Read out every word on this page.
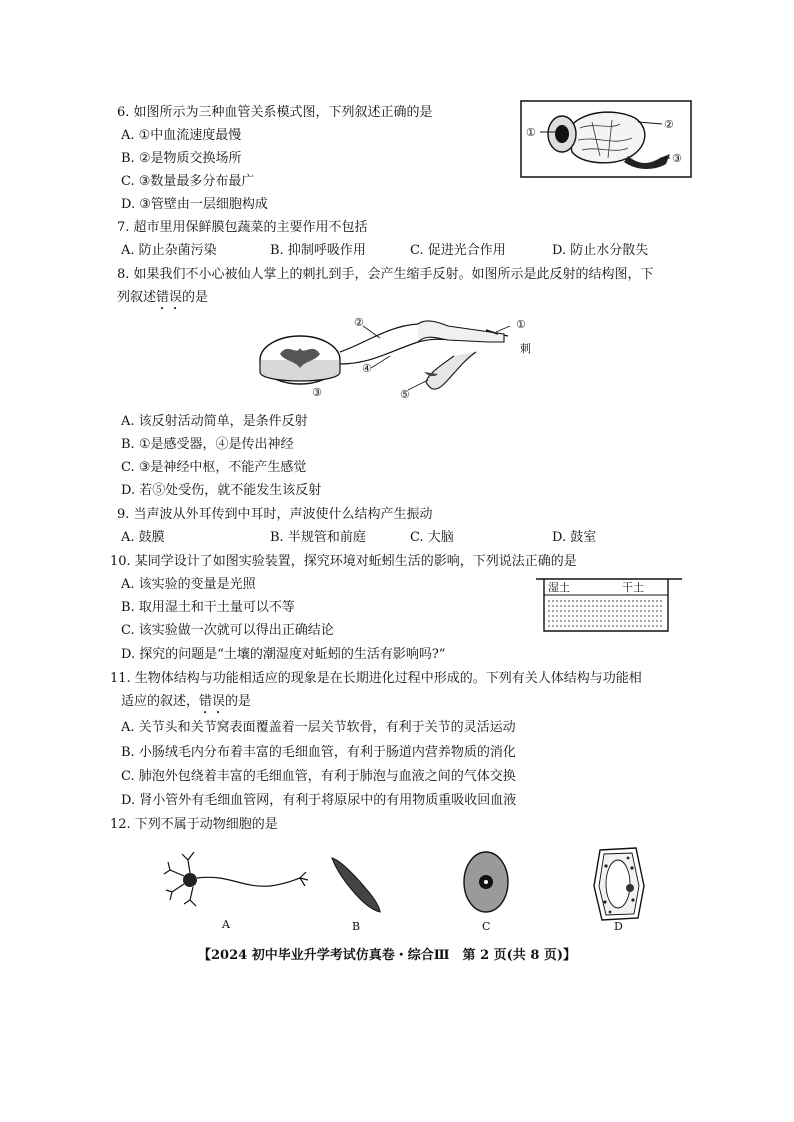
6. 如图所示为三种血管关系模式图，下列叙述正确的是
A. ①中血流速度最慢
B. ②是物质交换场所
C. ③数量最多分布最广
D. ③管壁由一层细胞构成
①
②
③
7. 超市里用保鲜膜包蔬菜的主要作用不包括
A. 防止杂菌污染	B. 抑制呼吸作用	C. 促进光合作用	D. 防止水分散失
8. 如果我们不小心被仙人掌上的刺扎到手，会产生缩手反射。如图所示是此反射的结构图，下
列叙述错误的是
②	①
刺
④
③	⑤
A. 该反射活动简单，是条件反射
B. ①是感受器，④是传出神经
C. ③是神经中枢，不能产生感觉
D. 若⑤处受伤，就不能发生该反射
9. 当声波从外耳传到中耳时，声波使什么结构产生振动
A. 鼓膜	B. 半规管和前庭	C. 大脑	D. 鼓室
10. 某同学设计了如图实验装置，探究环境对蚯蚓生活的影响，下列说法正确的是
A. 该实验的变量是光照	湿土	干土
B. 取用湿土和干土量可以不等
C. 该实验做一次就可以得出正确结论
D. 探究的问题是“土壤的潮湿度对蚯蚓的生活有影响吗?”
11. 生物体结构与功能相适应的现象是在长期进化过程中形成的。下列有关人体结构与功能相
适应的叙述，错误的是
A. 关节头和关节窝表面覆盖着一层关节软骨，有利于关节的灵活运动
B. 小肠绒毛内分布着丰富的毛细血管，有利于肠道内营养物质的消化
C. 肺泡外包绕着丰富的毛细血管，有利于肺泡与血液之间的气体交换
D. 肾小管外有毛细血管网，有利于将原尿中的有用物质重吸收回血液
12. 下列不属于动物细胞的是
A	B	C	D
【2024 初中毕业升学考试仿真卷・综合Ⅲ　第 2 页(共 8 页)】
